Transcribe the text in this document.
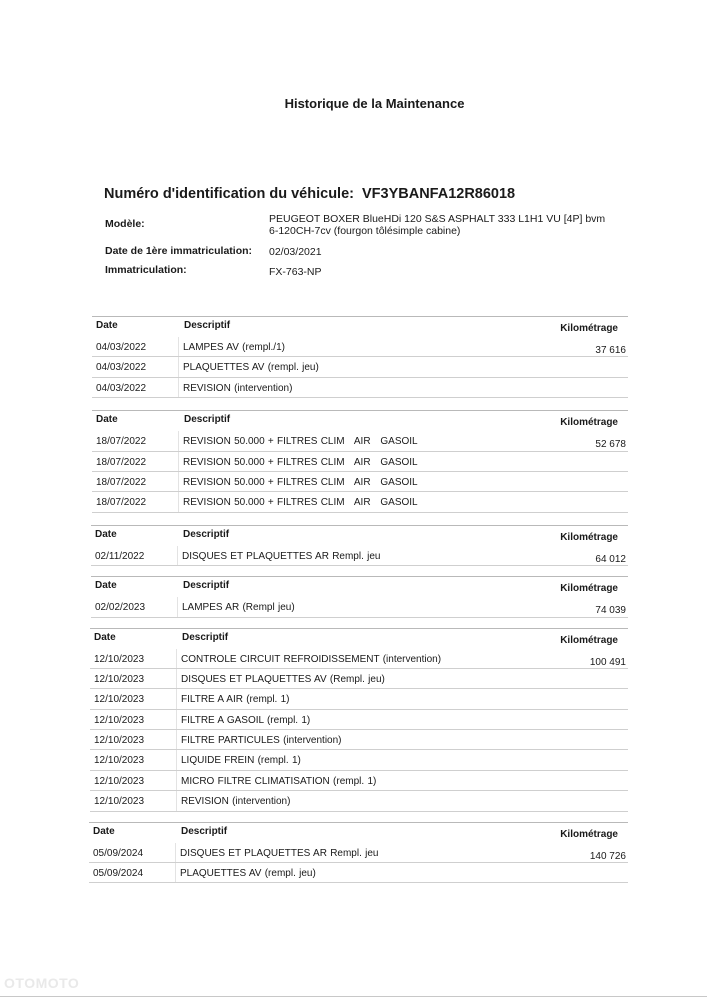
Historique de la Maintenance
Numéro d'identification du véhicule: VF3YBANFA12R86018
Modèle:	PEUGEOT BOXER BlueHDi 120 S&S ASPHALT 333 L1H1 VU [4P] bvm
6-120CH-7cv (fourgon tôlésimple cabine)
Date de 1ère immatriculation: 02/03/2021
Immatriculation:	FX-763-NP
Date	Descriptif	Kilométrage
04/03/2022	LAMPES AV (rempl./1)	37 616
04/03/2022	PLAQUETTES AV (rempl. jeu)
04/03/2022	REVISION (intervention)
Date	Descriptif	Kilométrage
18/07/2022	REVISION 50.000 + FILTRES CLIM   AIR   GASOIL	52 678
18/07/2022	REVISION 50.000 + FILTRES CLIM   AIR   GASOIL
18/07/2022	REVISION 50.000 + FILTRES CLIM   AIR   GASOIL
18/07/2022	REVISION 50.000 + FILTRES CLIM   AIR   GASOIL
Date	Descriptif	Kilométrage
02/11/2022	DISQUES ET PLAQUETTES AR Rempl. jeu	64 012
Date	Descriptif	Kilométrage
02/02/2023	LAMPES AR (Rempl jeu)	74 039
Date	Descriptif	Kilométrage
12/10/2023	CONTROLE CIRCUIT REFROIDISSEMENT (intervention)	100 491
12/10/2023	DISQUES ET PLAQUETTES AV (Rempl. jeu)
12/10/2023	FILTRE A AIR (rempl. 1)
12/10/2023	FILTRE A GASOIL (rempl. 1)
12/10/2023	FILTRE PARTICULES (intervention)
12/10/2023	LIQUIDE FREIN (rempl. 1)
12/10/2023	MICRO FILTRE CLIMATISATION (rempl. 1)
12/10/2023	REVISION (intervention)
Date	Descriptif	Kilométrage
05/09/2024	DISQUES ET PLAQUETTES AR Rempl. jeu	140 726
05/09/2024	PLAQUETTES AV (rempl. jeu)
OTOMOTO
